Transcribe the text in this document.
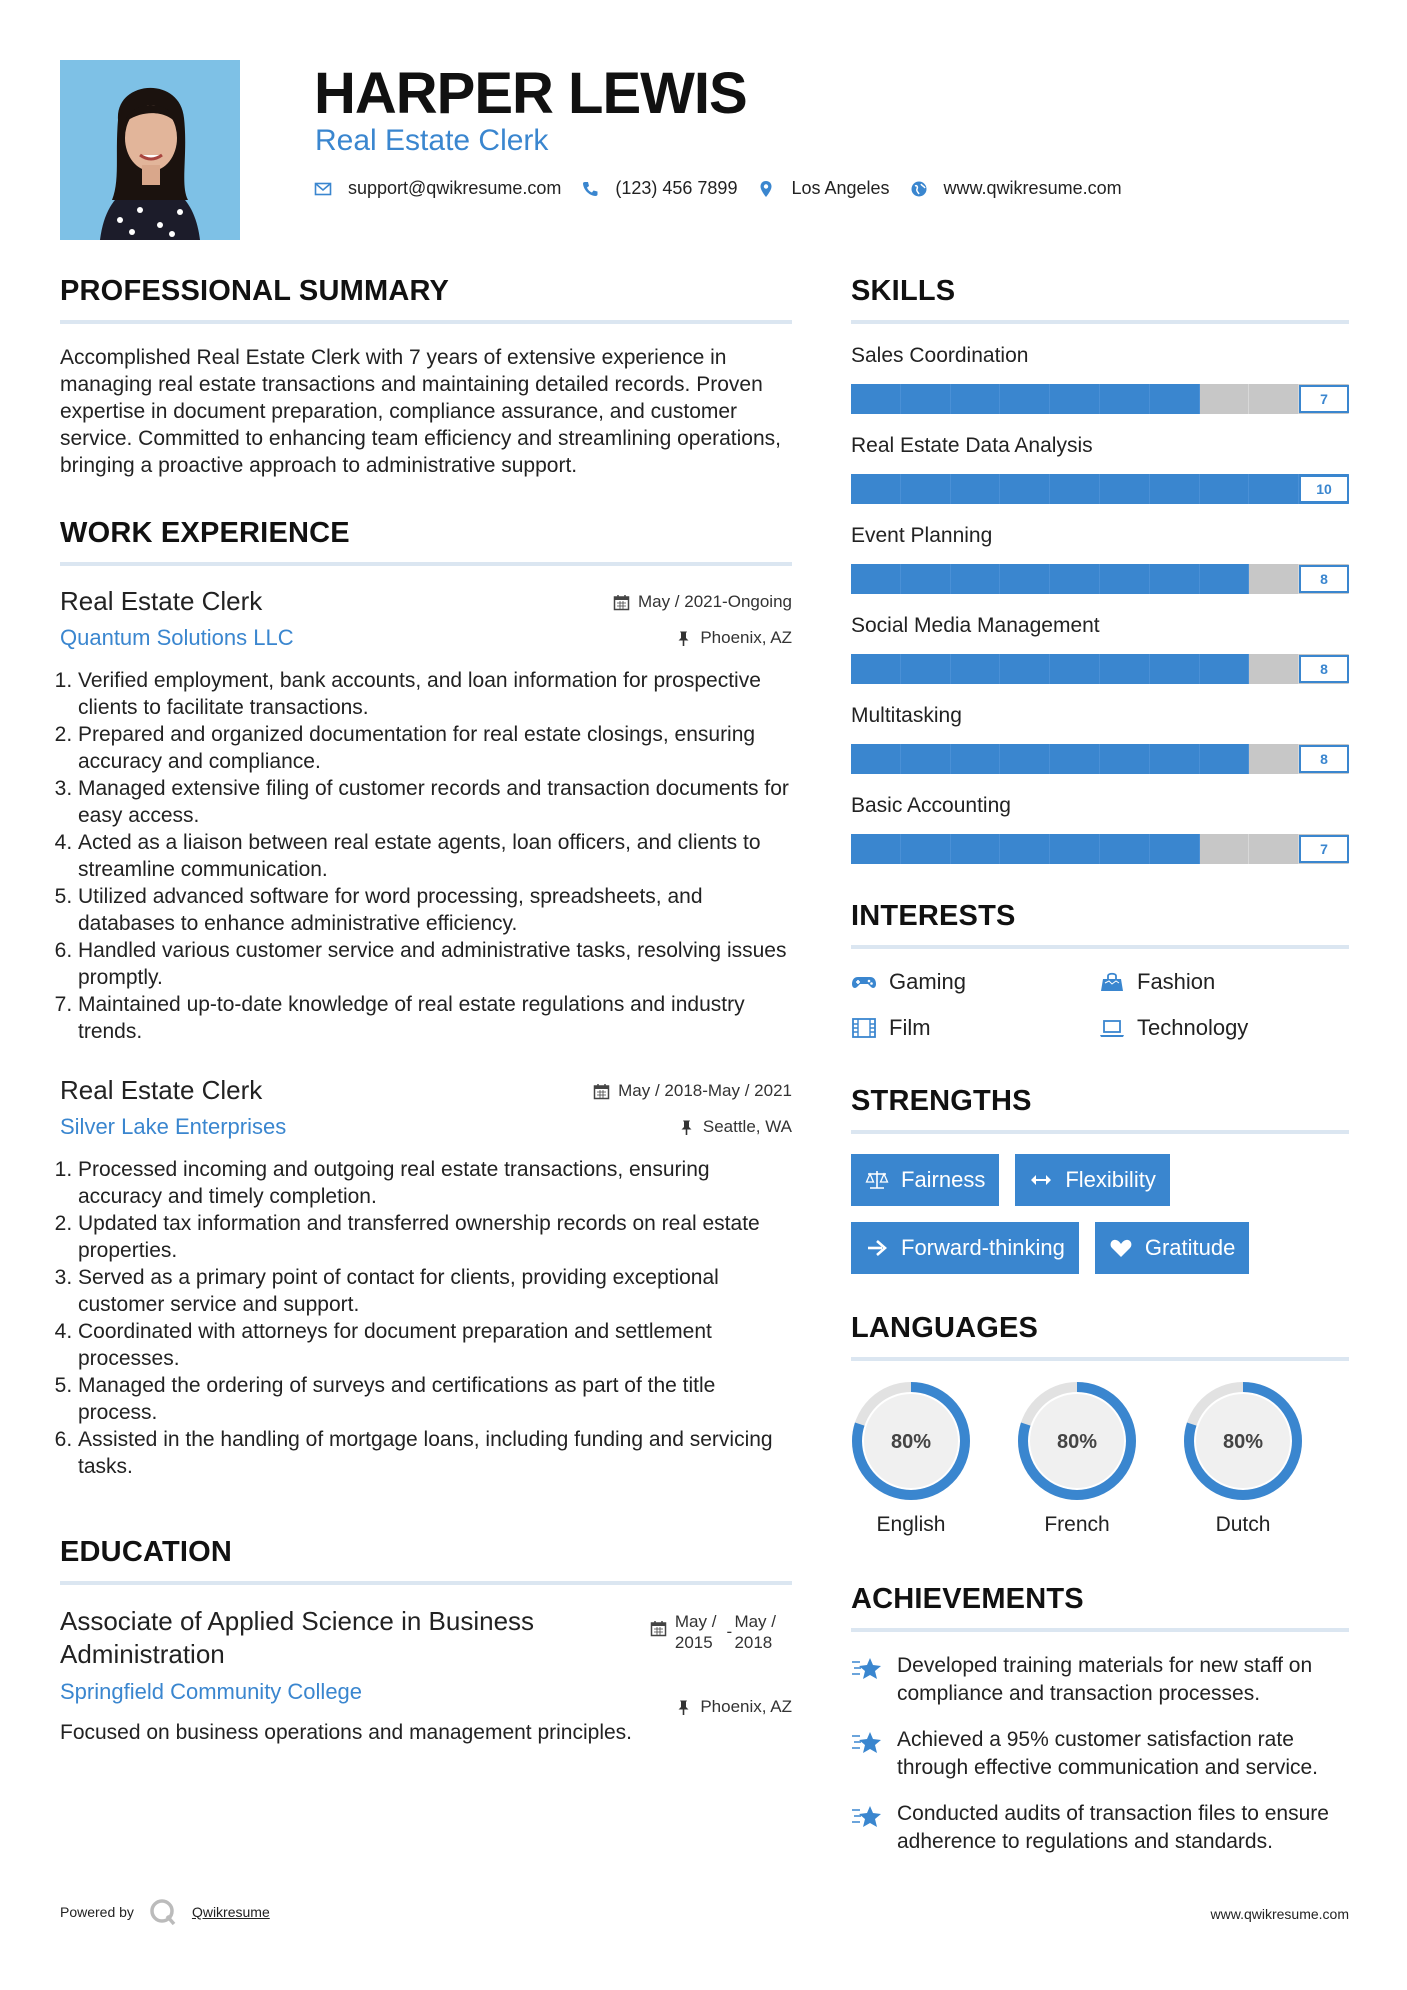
HARPER LEWIS
Real Estate Clerk
support@qwikresume.com	(123) 456 7899	Los Angeles	www.qwikresume.com
PROFESSIONAL SUMMARY

Accomplished Real Estate Clerk with 7 years of extensive experience in managing real estate transactions and maintaining detailed records. Proven expertise in document preparation, compliance assurance, and customer service. Committed to enhancing team efficiency and streamlining operations, bringing a proactive approach to administrative support.

WORK EXPERIENCE
Real Estate Clerk
Quantum Solutions LLC
May / 2021-Ongoing
Phoenix, AZ
1. Verified employment, bank accounts, and loan information for prospective clients to facilitate transactions.
2. Prepared and organized documentation for real estate closings, ensuring accuracy and compliance.
3. Managed extensive filing of customer records and transaction documents for easy access.
4. Acted as a liaison between real estate agents, loan officers, and clients to streamline communication.
5. Utilized advanced software for word processing, spreadsheets, and databases to enhance administrative efficiency.
6. Handled various customer service and administrative tasks, resolving issues promptly.
7. Maintained up-to-date knowledge of real estate regulations and industry trends.
Real Estate Clerk
Silver Lake Enterprises
May / 2018-May / 2021
Seattle, WA
1. Processed incoming and outgoing real estate transactions, ensuring accuracy and timely completion.
2. Updated tax information and transferred ownership records on real estate properties.
3. Served as a primary point of contact for clients, providing exceptional customer service and support.
4. Coordinated with attorneys for document preparation and settlement processes.
5. Managed the ordering of surveys and certifications as part of the title process.
6. Assisted in the handling of mortgage loans, including funding and servicing tasks.
EDUCATION
Associate of Applied Science in Business Administration
Springfield Community College
May /
2015
-
May /
2018
Phoenix, AZ

Focused on business operations and management principles.

SKILLS
Sales Coordination
7
Real Estate Data Analysis
10
Event Planning
8
Social Media Management
8
Multitasking
8
Basic Accounting
7
INTERESTS
Gaming	Fashion
Film	Technology
STRENGTHS
Fairness	Flexibility
Forward-thinking	Gratitude
LANGUAGES
80%
English
80%
French
80%
Dutch
ACHIEVEMENTS
Developed training materials for new staff on compliance and transaction processes.
Achieved a 95% customer satisfaction rate through effective communication and service.
Conducted audits of transaction files to ensure adherence to regulations and standards.
Powered by	Qwikresume	www.qwikresume.com
